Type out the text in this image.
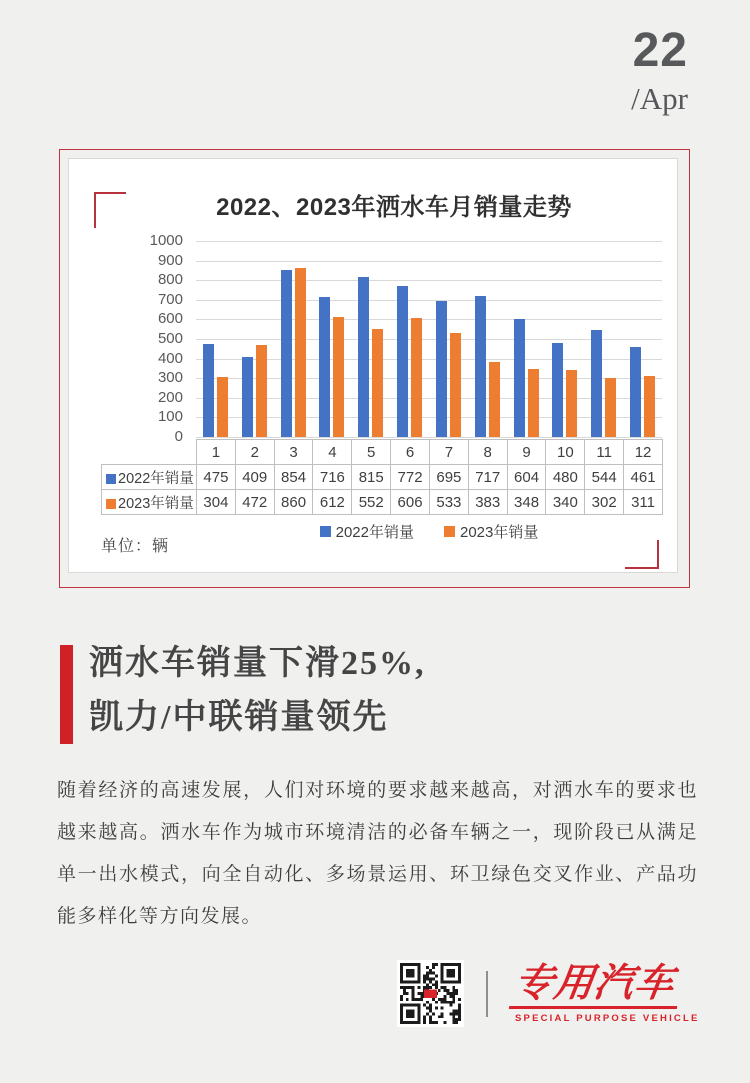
22
/Apr
2022、2023年洒水车月销量走势
0
100
200
300
400
500
600
700
800
900
1000
	1	2	3	4	5	6	7	8	9	10	11	12
2022年销量	475	409	854	716	815	772	695	717	604	480	544	461
2023年销量	304	472	860	612	552	606	533	383	348	340	302	311
2022年销量	2023年销量
单位：辆
洒水车销量下滑25%,
凯力/中联销量领先

随着经济的高速发展，人们对环境的要求越来越高，对洒水车的要求也越来越高。洒水车作为城市环境清洁的必备车辆之一，现阶段已从满足单一出水模式，向全自动化、多场景运用、环卫绿色交叉作业、产品功能多样化等方向发展。

专用汽车
SPECIAL PURPOSE VEHICLE
